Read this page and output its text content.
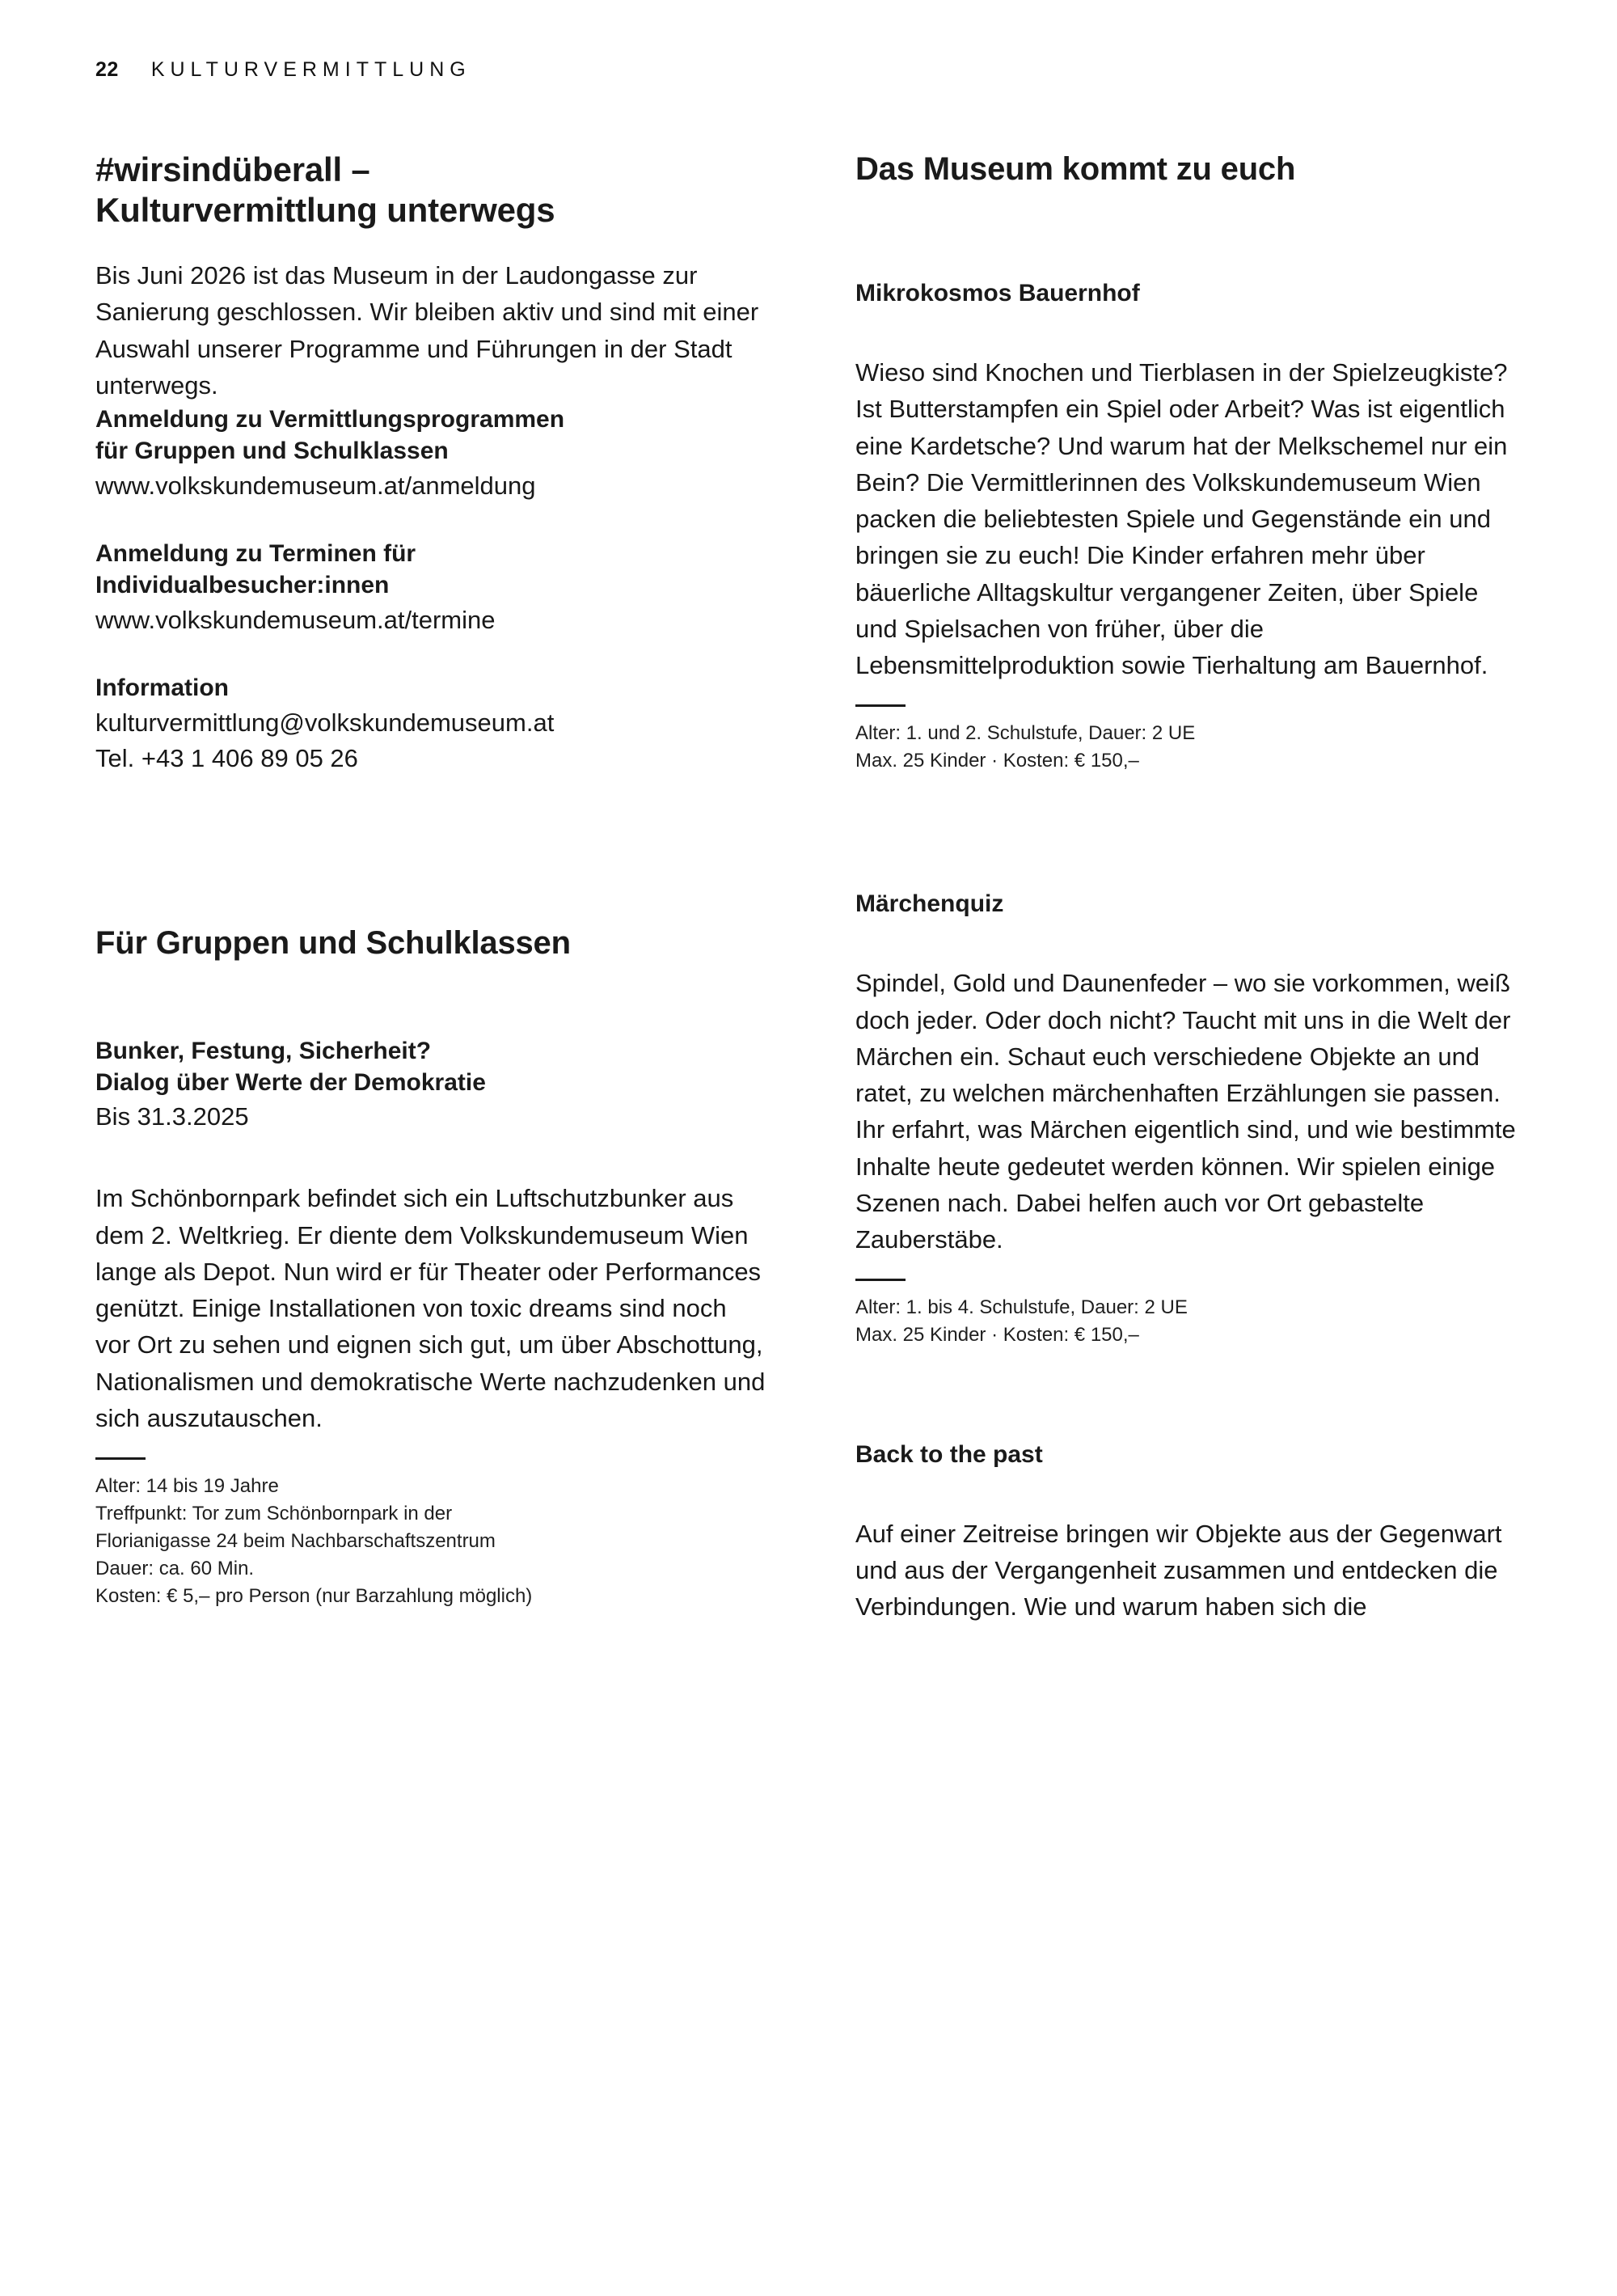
22 KULTURVERMITTLUNG
#wirsindüberall –
Kulturvermittlung unterwegs

Bis Juni 2026 ist das Museum in der Laudongasse zur Sanierung geschlossen. Wir bleiben aktiv und sind mit einer Auswahl unserer Programme und Führungen in der Stadt unterwegs.

Anmeldung zu Vermittlungsprogrammen
für Gruppen und Schulklassen

www.volkskundemuseum.at/anmeldung

Anmeldung zu Terminen für
Individualbesucher:innen

www.volkskundemuseum.at/termine

Information

kulturvermittlung@volkskundemuseum.at

Tel. +43 1 406 89 05 26

Für Gruppen und Schulklassen
Bunker, Festung, Sicherheit?
Dialog über Werte der Demokratie

Bis 31.3.2025

Im Schönbornpark befindet sich ein Luftschutzbunker aus dem 2. Weltkrieg. Er diente dem Volkskundemuseum Wien lange als Depot. Nun wird er für Theater oder Performances genützt. Einige Installationen von toxic dreams sind noch vor Ort zu sehen und eignen sich gut, um über Abschottung, Nationalismen und demokratische Werte nachzudenken und sich auszutauschen.

Alter: 14 bis 19 Jahre

Treffpunkt: Tor zum Schönbornpark in der

Florianigasse 24 beim Nachbarschaftszentrum

Dauer: ca. 60 Min.

Kosten: € 5,– pro Person (nur Barzahlung möglich)

Das Museum kommt zu euch
Mikrokosmos Bauernhof

Wieso sind Knochen und Tierblasen in der Spielzeugkiste? Ist Butterstampfen ein Spiel oder Arbeit? Was ist eigentlich eine Kardetsche? Und warum hat der Melkschemel nur ein Bein? Die Vermittlerinnen des Volkskundemuseum Wien packen die beliebtesten Spiele und Gegenstände ein und bringen sie zu euch! Die Kinder erfahren mehr über bäuerliche Alltagskultur vergangener Zeiten, über Spiele und Spielsachen von früher, über die Lebensmittelproduktion sowie Tierhaltung am Bauernhof.

Alter: 1. und 2. Schulstufe, Dauer: 2 UE

Max. 25 Kinder · Kosten: € 150,–

Märchenquiz

Spindel, Gold und Daunenfeder – wo sie vorkommen, weiß doch jeder. Oder doch nicht? Taucht mit uns in die Welt der Märchen ein. Schaut euch verschiedene Objekte an und ratet, zu welchen märchenhaften Erzählungen sie passen. Ihr erfahrt, was Märchen eigentlich sind, und wie bestimmte Inhalte heute gedeutet werden können. Wir spielen einige Szenen nach. Dabei helfen auch vor Ort gebastelte Zauberstäbe.

Alter: 1. bis 4. Schulstufe, Dauer: 2 UE

Max. 25 Kinder · Kosten: € 150,–

Back to the past

Auf einer Zeitreise bringen wir Objekte aus der Gegenwart und aus der Vergangenheit zusammen und entdecken die Verbindungen. Wie und warum haben sich die
